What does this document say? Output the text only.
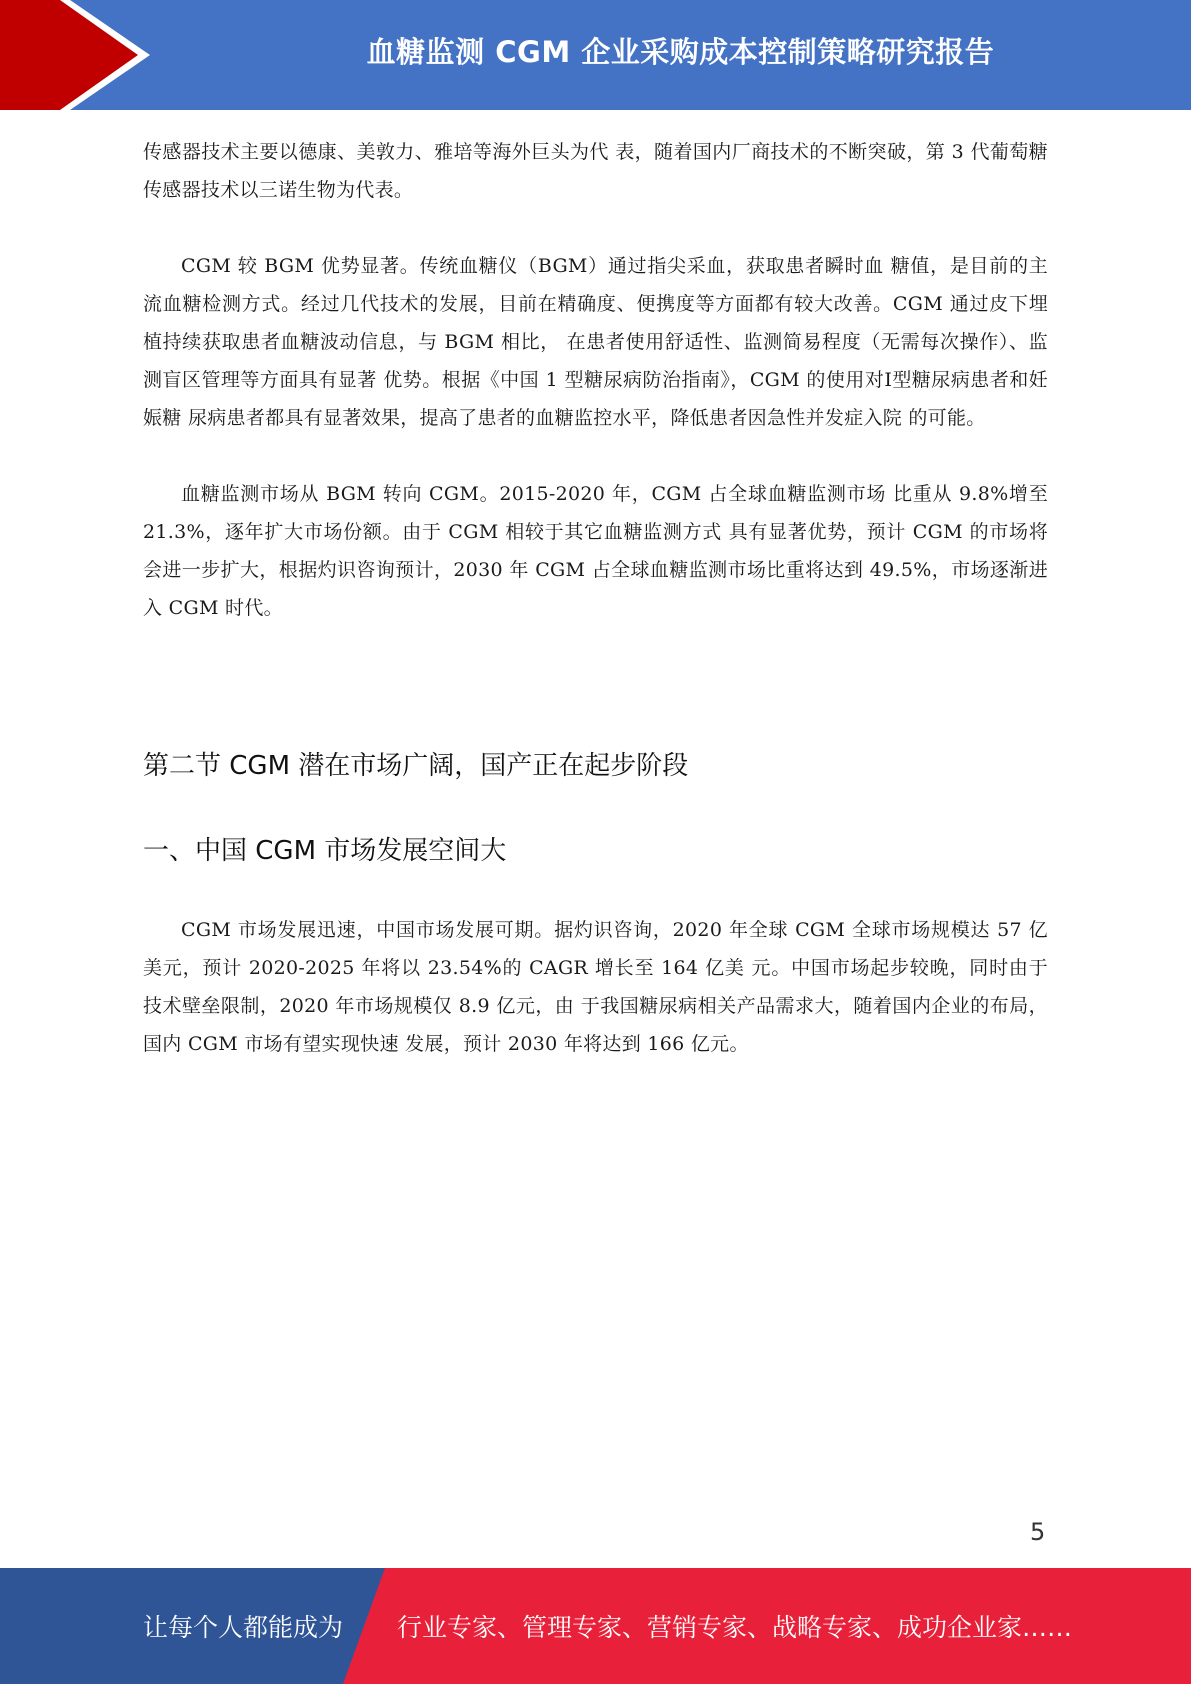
血糖监测 CGM 企业采购成本控制策略研究报告

传感器技术主要以德康、美敦力、雅培等海外巨头为代 表，随着国内厂商技术的不断突破，第 3 代葡萄糖传感器技术以三诺生物为代表。

CGM 较 BGM 优势显著。传统血糖仪（BGM）通过指尖采血，获取患者瞬时血 糖值，是目前的主流血糖检测方式。经过几代技术的发展，目前在精确度、便携度等方面都有较大改善。CGM 通过皮下埋植持续获取患者血糖波动信息，与 BGM 相比， 在患者使用舒适性、监测简易程度（无需每次操作）、监测盲区管理等方面具有显著 优势。根据《中国 1 型糖尿病防治指南》，CGM 的使用对Ⅰ型糖尿病患者和妊娠糖 尿病患者都具有显著效果，提高了患者的血糖监控水平，降低患者因急性并发症入院 的可能。

血糖监测市场从 BGM 转向 CGM。2015-2020 年，CGM 占全球血糖监测市场 比重从 9.8%增至 21.3%，逐年扩大市场份额。由于 CGM 相较于其它血糖监测方式 具有显著优势，预计 CGM 的市场将会进一步扩大，根据灼识咨询预计，2030 年 CGM 占全球血糖监测市场比重将达到 49.5%，市场逐渐进入 CGM 时代。

第二节 CGM 潜在市场广阔，国产正在起步阶段
一、中国 CGM 市场发展空间大

CGM 市场发展迅速，中国市场发展可期。据灼识咨询，2020 年全球 CGM 全球市场规模达 57 亿美元，预计 2020-2025 年将以 23.54%的 CAGR 增长至 164 亿美 元。中国市场起步较晚，同时由于技术壁垒限制，2020 年市场规模仅 8.9 亿元，由 于我国糖尿病相关产品需求大，随着国内企业的布局，国内 CGM 市场有望实现快速 发展，预计 2030 年将达到 166 亿元。

5
让每个人都能成为 行业专家、管理专家、营销专家、战略专家、成功企业家……
